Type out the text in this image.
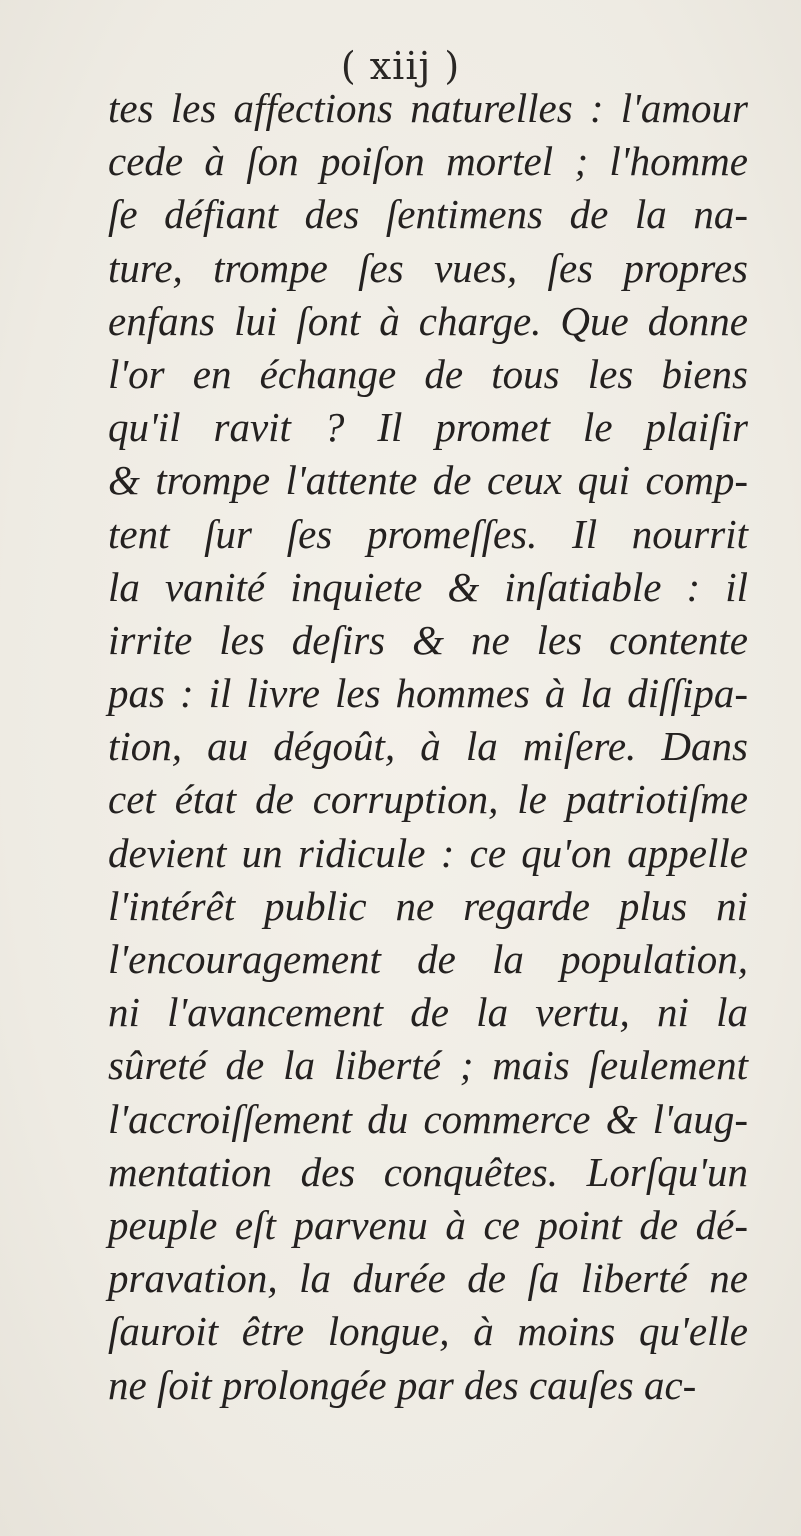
( xiij )
tes les affections naturelles : l'amour
cede à ſon poiſon mortel ; l'homme
ſe défiant des ſentimens de la na-
ture, trompe ſes vues, ſes propres
enfans lui ſont à charge. Que donne
l'or en échange de tous les biens
qu'il ravit ? Il promet le plaiſir
& trompe l'attente de ceux qui comp-
tent ſur ſes promeſſes. Il nourrit
la vanité inquiete & inſatiable : il
irrite les deſirs & ne les contente
pas : il livre les hommes à la diſſipa-
tion, au dégoût, à la miſere. Dans
cet état de corruption, le patriotiſme
devient un ridicule : ce qu'on appelle
l'intérêt public ne regarde plus ni
l'encouragement de la population,
ni l'avancement de la vertu, ni la
sûreté de la liberté ; mais ſeulement
l'accroiſſement du commerce & l'aug-
mentation des conquêtes. Lorſqu'un
peuple eſt parvenu à ce point de dé-
pravation, la durée de ſa liberté ne
ſauroit être longue, à moins qu'elle
ne ſoit prolongée par des cauſes ac-
